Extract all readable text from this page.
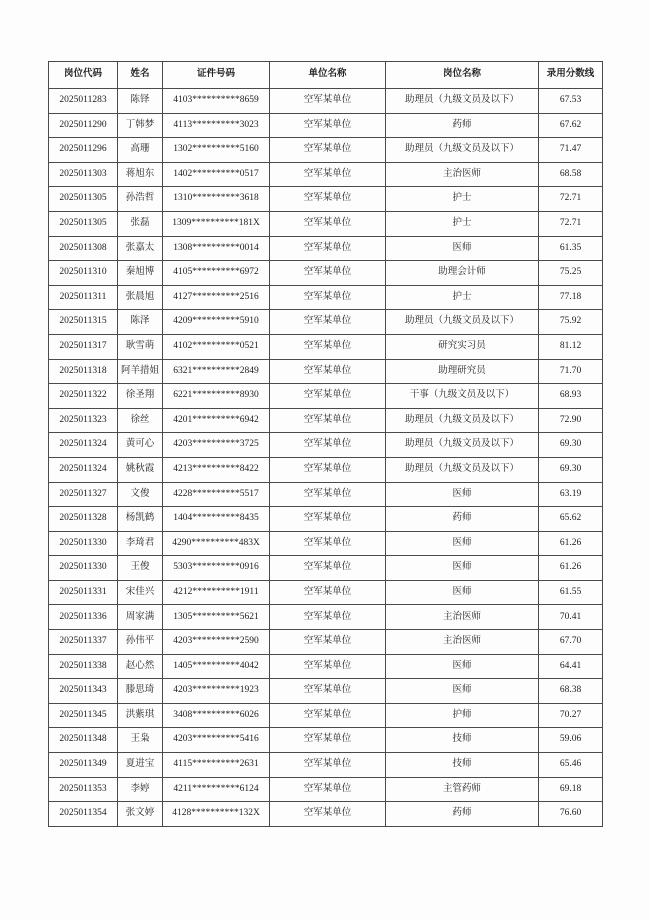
岗位代码	姓名	证件号码	单位名称	岗位名称	录用分数线
2025011283	陈铎	4103**********8659	空军某单位	助理员（九级文员及以下）	67.53
2025011290	丁韩梦	4113**********3023	空军某单位	药师	67.62
2025011296	高珊	1302**********5160	空军某单位	助理员（九级文员及以下）	71.47
2025011303	蒋旭东	1402**********0517	空军某单位	主治医师	68.58
2025011305	孙浩哲	1310**********3618	空军某单位	护士	72.71
2025011305	张磊	1309**********181X	空军某单位	护士	72.71
2025011308	张嘉太	1308**********0014	空军某单位	医师	61.35
2025011310	秦旭博	4105**********6972	空军某单位	助理会计师	75.25
2025011311	张晨旭	4127**********2516	空军某单位	护士	77.18
2025011315	陈泽	4209**********5910	空军某单位	助理员（九级文员及以下）	75.92
2025011317	耿雪萌	4102**********0521	空军某单位	研究实习员	81.12
2025011318	阿羊措姐	6321**********2849	空军某单位	助理研究员	71.70
2025011322	徐圣翔	6221**********8930	空军某单位	干事（九级文员及以下）	68.93
2025011323	徐丝	4201**********6942	空军某单位	助理员（九级文员及以下）	72.90
2025011324	黄可心	4203**********3725	空军某单位	助理员（九级文员及以下）	69.30
2025011324	姚秋霞	4213**********8422	空军某单位	助理员（九级文员及以下）	69.30
2025011327	文俊	4228**********5517	空军某单位	医师	63.19
2025011328	杨凯鹤	1404**********8435	空军某单位	药师	65.62
2025011330	李琦君	4290**********483X	空军某单位	医师	61.26
2025011330	王俊	5303**********0916	空军某单位	医师	61.26
2025011331	宋佳兴	4212**********1911	空军某单位	医师	61.55
2025011336	周家满	1305**********5621	空军某单位	主治医师	70.41
2025011337	孙伟平	4203**********2590	空军某单位	主治医师	67.70
2025011338	赵心然	1405**********4042	空军某单位	医师	64.41
2025011343	滕思琦	4203**********1923	空军某单位	医师	68.38
2025011345	洪紫琪	3408**********6026	空军某单位	护师	70.27
2025011348	王枭	4203**********5416	空军某单位	技师	59.06
2025011349	夏进宝	4115**********2631	空军某单位	技师	65.46
2025011353	李婷	4211**********6124	空军某单位	主管药师	69.18
2025011354	张文婷	4128**********132X	空军某单位	药师	76.60
